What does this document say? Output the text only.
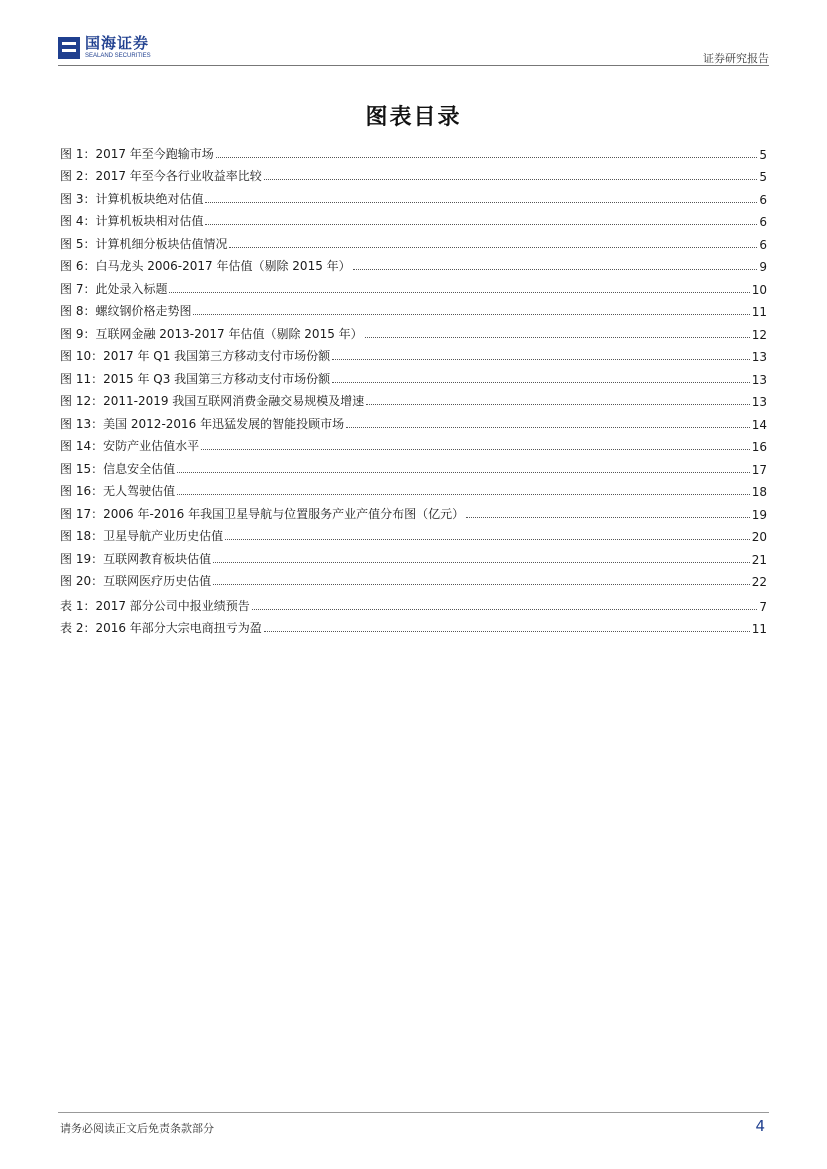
国海证券
SEALAND SECURITIES	证券研究报告
图表目录
图 1：2017 年至今跑输市场	5
图 2：2017 年至今各行业收益率比较	5
图 3：计算机板块绝对估值	6
图 4：计算机板块相对估值	6
图 5：计算机细分板块估值情况	6
图 6：白马龙头 2006-2017 年估值（剔除 2015 年）	9
图 7：此处录入标题	10
图 8：螺纹钢价格走势图	11
图 9：互联网金融 2013-2017 年估值（剔除 2015 年）	12
图 10：2017 年 Q1 我国第三方移动支付市场份额	13
图 11：2015 年 Q3 我国第三方移动支付市场份额	13
图 12：2011-2019 我国互联网消费金融交易规模及增速	13
图 13：美国 2012-2016 年迅猛发展的智能投顾市场	14
图 14：安防产业估值水平	16
图 15：信息安全估值	17
图 16：无人驾驶估值	18
图 17：2006 年-2016 年我国卫星导航与位置服务产业产值分布图（亿元）	19
图 18：卫星导航产业历史估值	20
图 19：互联网教育板块估值	21
图 20：互联网医疗历史估值	22
表 1：2017 部分公司中报业绩预告	7
表 2：2016 年部分大宗电商扭亏为盈	11
请务必阅读正文后免责条款部分	4
